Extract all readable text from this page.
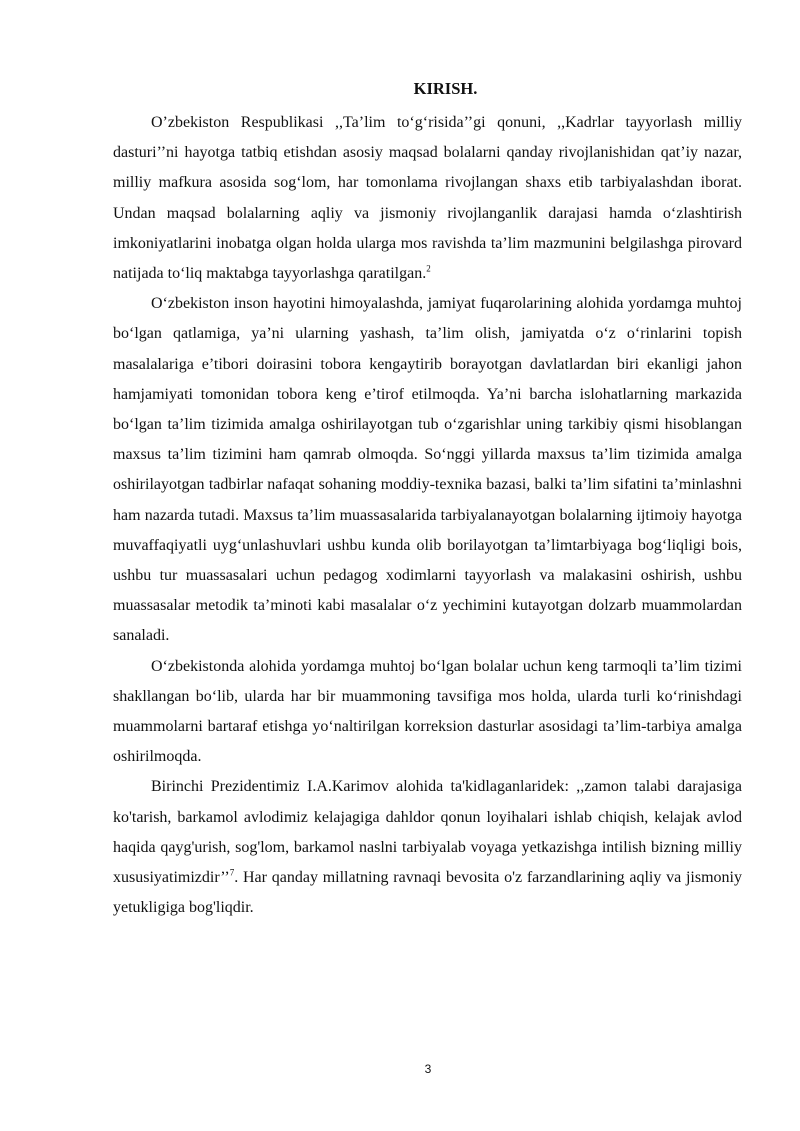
KIRISH.

O’zbekiston Respublikasi ,,Ta’lim to‘g‘risida’’gi qonuni, ,,Kadrlar tayyorlash milliy dasturi’’ni hayotga tatbiq etishdan asosiy maqsad bolalarni qanday rivojlanishidan qat’iy nazar, milliy mafkura asosida sog‘lom, har tomonlama rivojlangan shaxs etib tarbiyalashdan iborat. Undan maqsad bolalarning aqliy va jismoniy rivojlanganlik darajasi hamda o‘zlashtirish imkoniyatlarini inobatga olgan holda ularga mos ravishda ta’lim mazmunini belgilashga pirovard natijada to‘liq maktabga tayyorlashga qaratilgan.$^2$

O‘zbekiston inson hayotini himoyalashda, jamiyat fuqarolarining alohida yordamga muhtoj bo‘lgan qatlamiga, ya’ni ularning yashash, ta’lim olish, jamiyatda o‘z o‘rinlarini topish masalalariga e’tibori doirasini tobora kengaytirib borayotgan davlatlardan biri ekanligi jahon hamjamiyati tomonidan tobora keng e’tirof etilmoqda. Ya’ni barcha islohatlarning markazida bo‘lgan ta’lim tizimida amalga oshirilayotgan tub o‘zgarishlar uning tarkibiy qismi hisoblangan maxsus ta’lim tizimini ham qamrab olmoqda. So‘nggi yillarda maxsus ta’lim tizimida amalga oshirilayotgan tadbirlar nafaqat sohaning moddiy-texnika bazasi, balki ta’lim sifatini ta’minlashni ham nazarda tutadi. Maxsus ta’lim muassasalarida tarbiyalanayotgan bolalarning ijtimoiy hayotga muvaffaqiyatli uyg‘unlashuvlari ushbu kunda olib borilayotgan ta’limtarbiyaga bog‘liqligi bois, ushbu tur muassasalari uchun pedagog xodimlarni tayyorlash va malakasini oshirish, ushbu muassasalar metodik ta’minoti kabi masalalar o‘z yechimini kutayotgan dolzarb muammolardan sanaladi.

O‘zbekistonda alohida yordamga muhtoj bo‘lgan bolalar uchun keng tarmoqli ta’lim tizimi shakllangan bo‘lib, ularda har bir muammoning tavsifiga mos holda, ularda turli ko‘rinishdagi muammolarni bartaraf etishga yo‘naltirilgan korreksion dasturlar asosidagi ta’lim-tarbiya amalga oshirilmoqda.

Birinchi Prezidentimiz I.A.Karimov alohida ta'kidlaganlaridek: ,,zamon talabi darajasiga ko'tarish, barkamol avlodimiz kelajagiga dahldor qonun loyihalari ishlab chiqish, kelajak avlod haqida qayg'urish, sog'lom, barkamol naslni tarbiyalab voyaga yetkazishga intilish bizning milliy xususiyatimizdir’’$^7$. Har qanday millatning ravnaqi bevosita o'z farzandlarining aqliy va jismoniy yetukligiga bog'liqdir.

3
